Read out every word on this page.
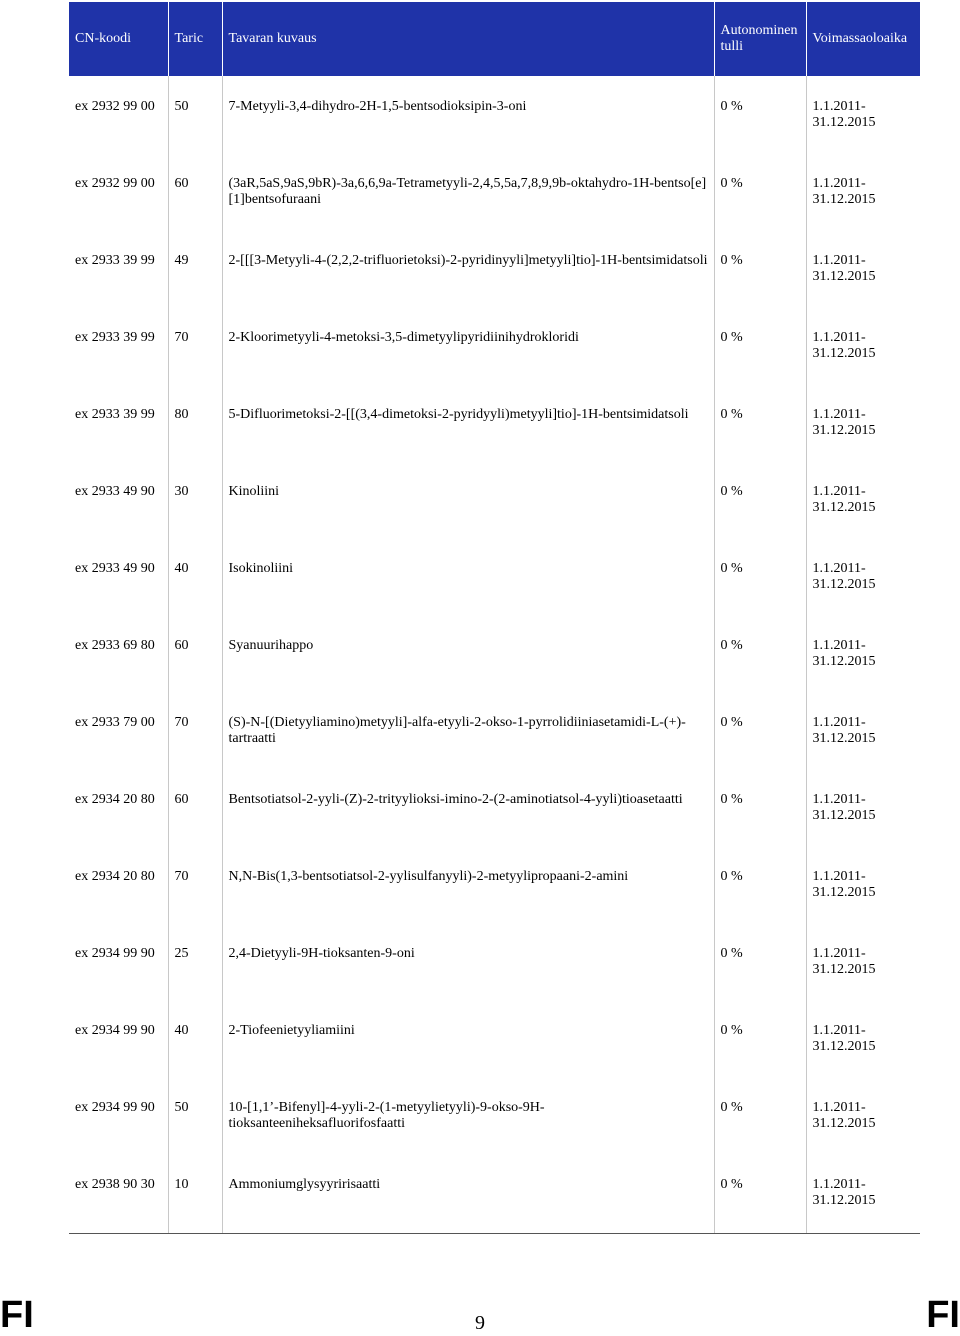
CN-koodi	Taric	Tavaran kuvaus	Autonominen tulli	Voimassaoloaika
ex 2932 99 00	50	7-Metyyli-3,4-dihydro-2H-1,5-bentsodioksipin-3-oni	0 %	1.1.2011- 31.12.2015
ex 2932 99 00	60	(3aR,5aS,9aS,9bR)-3a,6,6,9a-Tetrametyyli-2,4,5,5a,7,8,9,9b-oktahydro-1H-bentso[e][1]bentsofuraani	0 %	1.1.2011- 31.12.2015
ex 2933 39 99	49	2-[[[3-Metyyli-4-(2,2,2-trifluorietoksi)-2-pyridinyyli]metyyli]tio]-1H-bentsimidatsoli	0 %	1.1.2011- 31.12.2015
ex 2933 39 99	70	2-Kloorimetyyli-4-metoksi-3,5-dimetyylipyridiinihydrokloridi	0 %	1.1.2011- 31.12.2015
ex 2933 39 99	80	5-Difluorimetoksi-2-[[(3,4-dimetoksi-2-pyridyyli)metyyli]tio]-1H-bentsimidatsoli	0 %	1.1.2011- 31.12.2015
ex 2933 49 90	30	Kinoliini	0 %	1.1.2011- 31.12.2015
ex 2933 49 90	40	Isokinoliini	0 %	1.1.2011- 31.12.2015
ex 2933 69 80	60	Syanuurihappo	0 %	1.1.2011- 31.12.2015
ex 2933 79 00	70	(S)-N-[(Dietyyliamino)metyyli]-alfa-etyyli-2-okso-1-pyrrolidiiniasetamidi-L-(+)-tartraatti	0 %	1.1.2011- 31.12.2015
ex 2934 20 80	60	Bentsotiatsol-2-yyli-(Z)-2-trityylioksi-imino-2-(2-aminotiatsol-4-yyli)tioasetaatti	0 %	1.1.2011- 31.12.2015
ex 2934 20 80	70	N,N-Bis(1,3-bentsotiatsol-2-yylisulfanyyli)-2-metyylipropaani-2-amini	0 %	1.1.2011- 31.12.2015
ex 2934 99 90	25	2,4-Dietyyli-9H-tioksanten-9-oni	0 %	1.1.2011- 31.12.2015
ex 2934 99 90	40	2-Tiofeenietyyliamiini	0 %	1.1.2011- 31.12.2015
ex 2934 99 90	50	10-[1,1’-Bifenyl]-4-yyli-2-(1-metyylietyyli)-9-okso-9H-tioksanteeniheksafluorifosfaatti	0 %	1.1.2011- 31.12.2015
ex 2938 90 30	10	Ammoniumglysyyririsaatti	0 %	1.1.2011- 31.12.2015
FI	9	FI
